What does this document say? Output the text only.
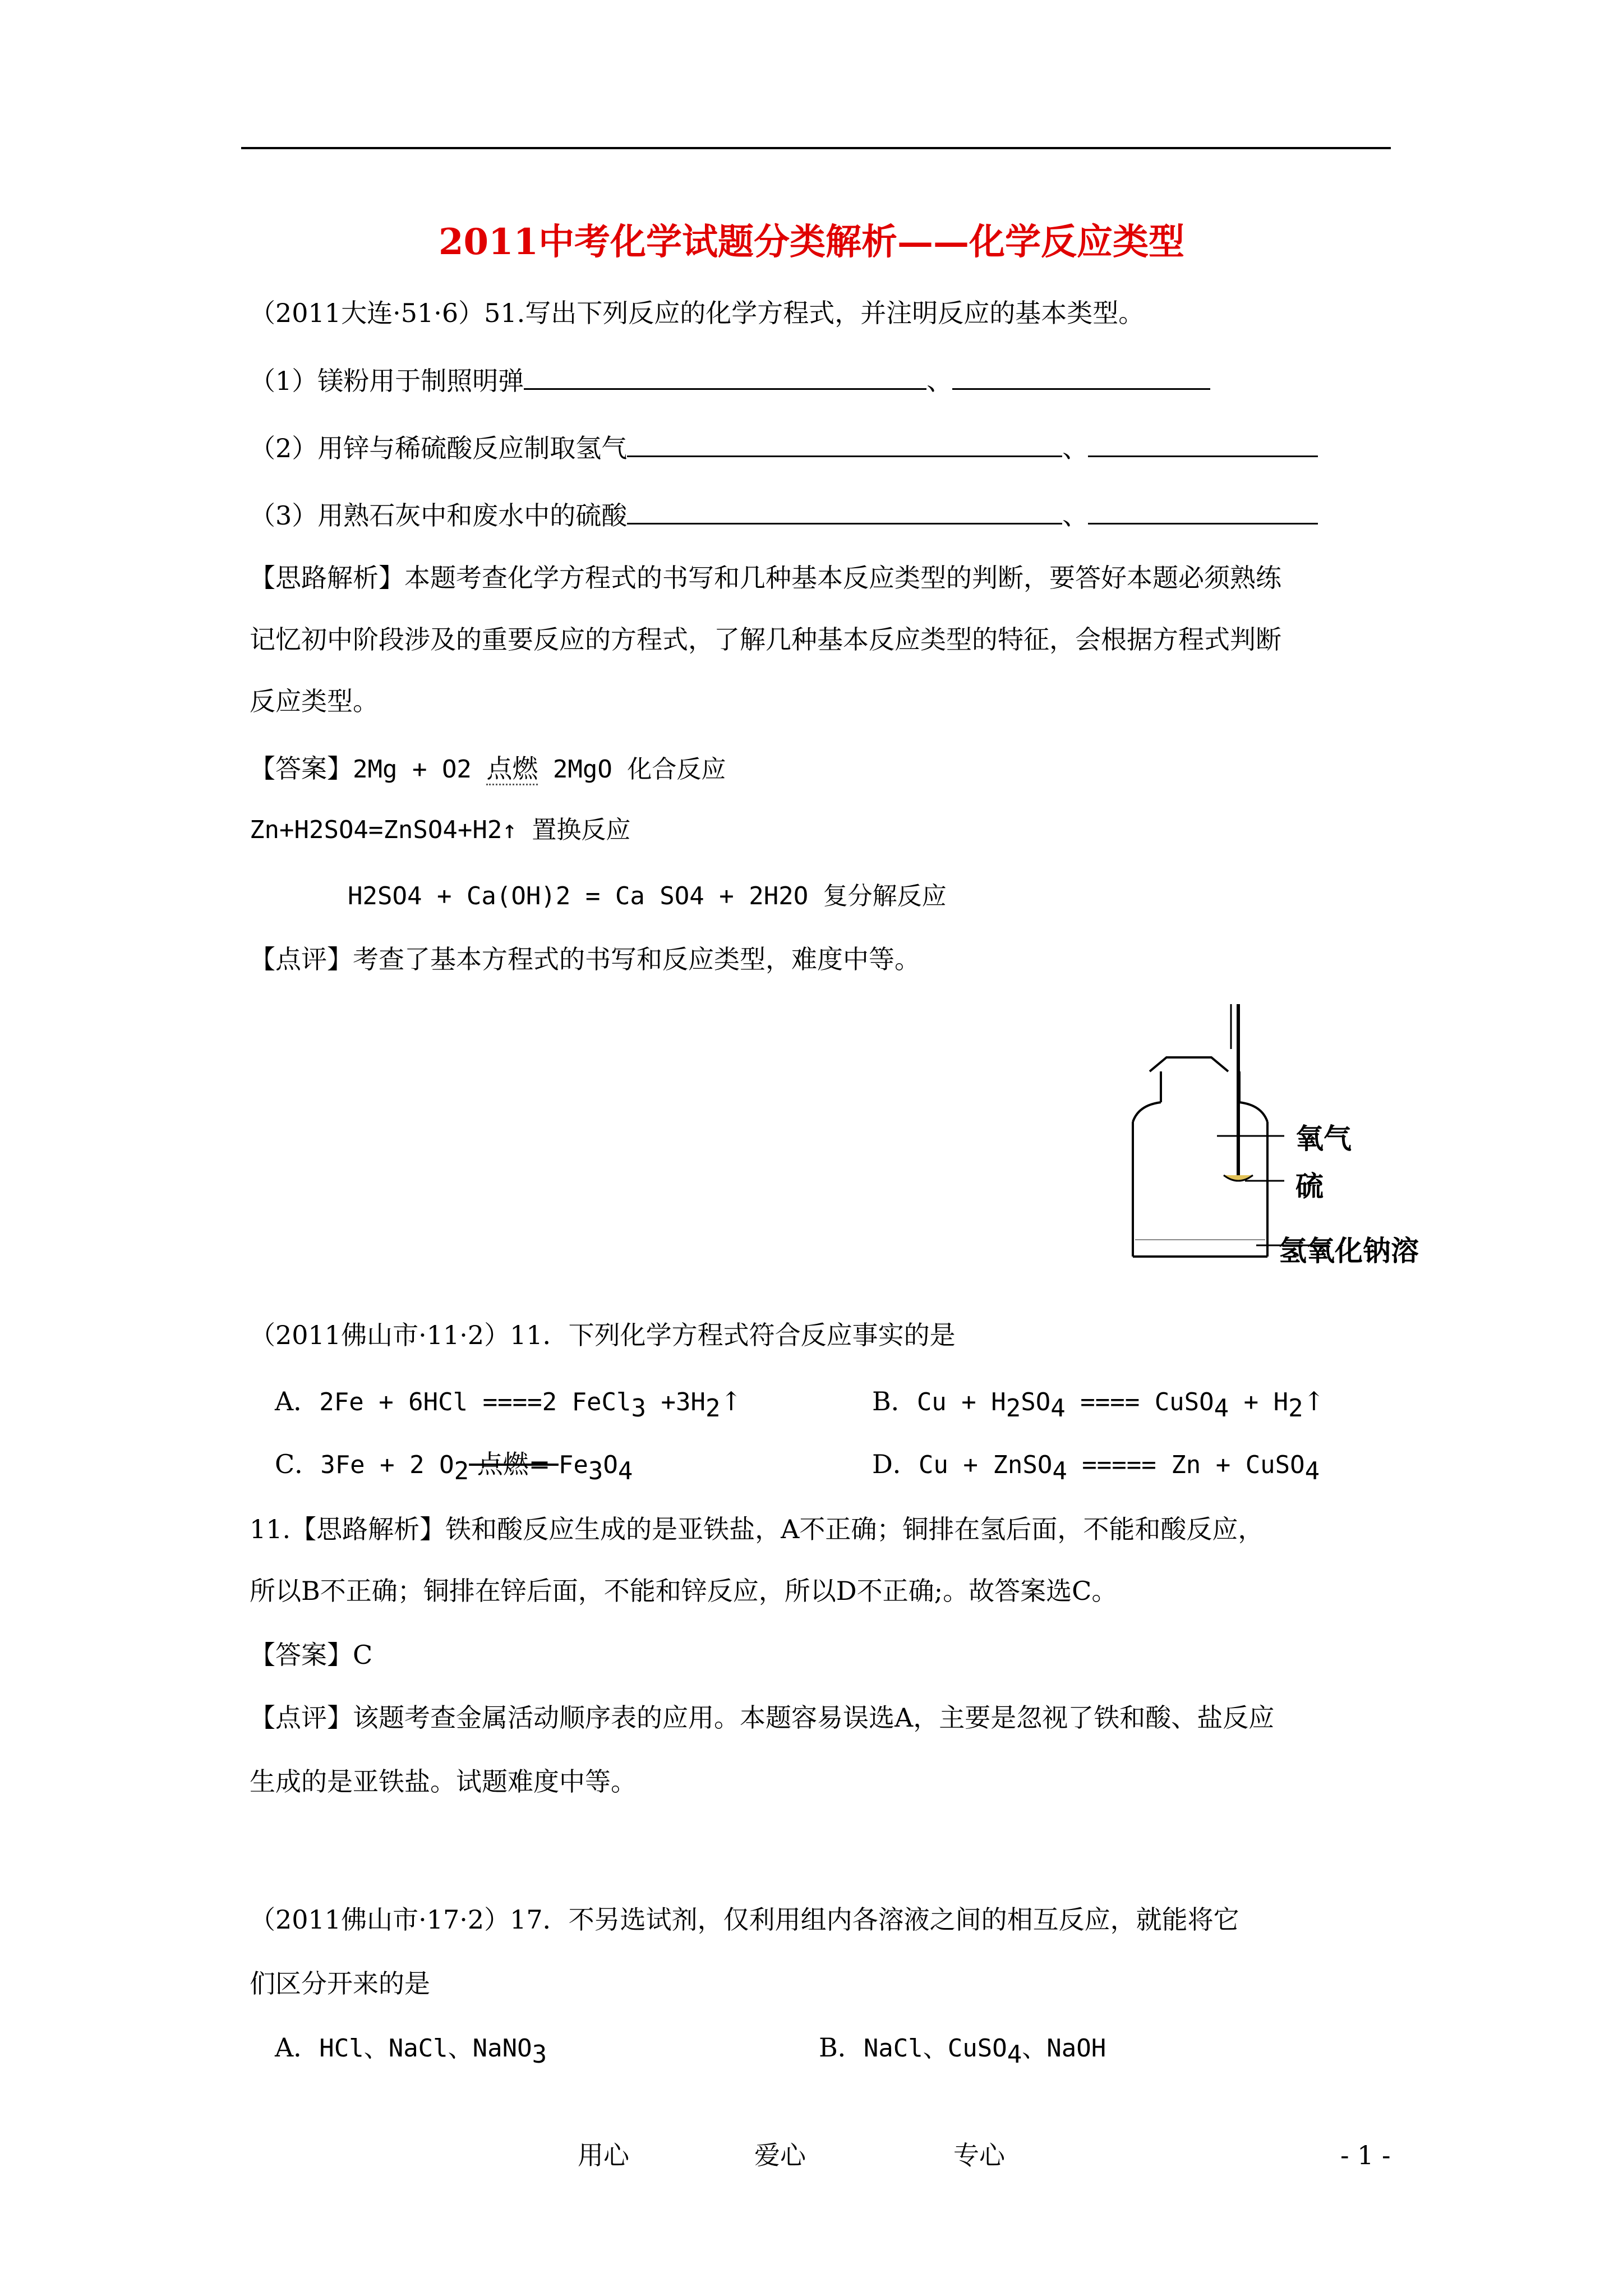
2011中考化学试题分类解析——化学反应类型
（2011大连·51·6）51.写出下列反应的化学方程式，并注明反应的基本类型。
（1）镁粉用于制照明弹	、
（2）用锌与稀硫酸反应制取氢气	、
（3）用熟石灰中和废水中的硫酸	、
【思路解析】本题考查化学方程式的书写和几种基本反应类型的判断，要答好本题必须熟练
记忆初中阶段涉及的重要反应的方程式，了解几种基本反应类型的特征，会根据方程式判断
反应类型。
【答案】2Mg + O2 点燃 2MgO 化合反应
Zn+H2SO4=ZnSO4+H2↑ 置换反应
H2SO4 + Ca(OH)2 = Ca SO4 + 2H2O 复分解反应
【点评】考查了基本方程式的书写和反应类型，难度中等。
氧气
硫
氢氧化钠溶
（2011佛山市·11·2）11．下列化学方程式符合反应事实的是
A．2Fe + 6HCl ====2 FeCl$_3$ $+3H_2↑$	B．$Cu + H_2SO_4$ ==== CuSO$_4$ + $H_2↑$
C．3Fe + 2 $O_2$ 点燃= $Fe_3O_4$	D．Cu + ZnSO$_4$ ===== Zn + CuSO$_4$
11.【思路解析】铁和酸反应生成的是亚铁盐，A不正确；铜排在氢后面，不能和酸反应，
所以B不正确；铜排在锌后面，不能和锌反应，所以D不正确;。故答案选C。
【答案】C
【点评】该题考查金属活动顺序表的应用。本题容易误选A，主要是忽视了铁和酸、盐反应
生成的是亚铁盐。试题难度中等。
（2011佛山市·17·2）17．不另选试剂，仅利用组内各溶液之间的相互反应，就能将它
们区分开来的是
A．HCl、NaCl、NaNO$_3$	B．NaCl、CuSO$_4$、NaOH
用心	爱心	专心	- 1 -
